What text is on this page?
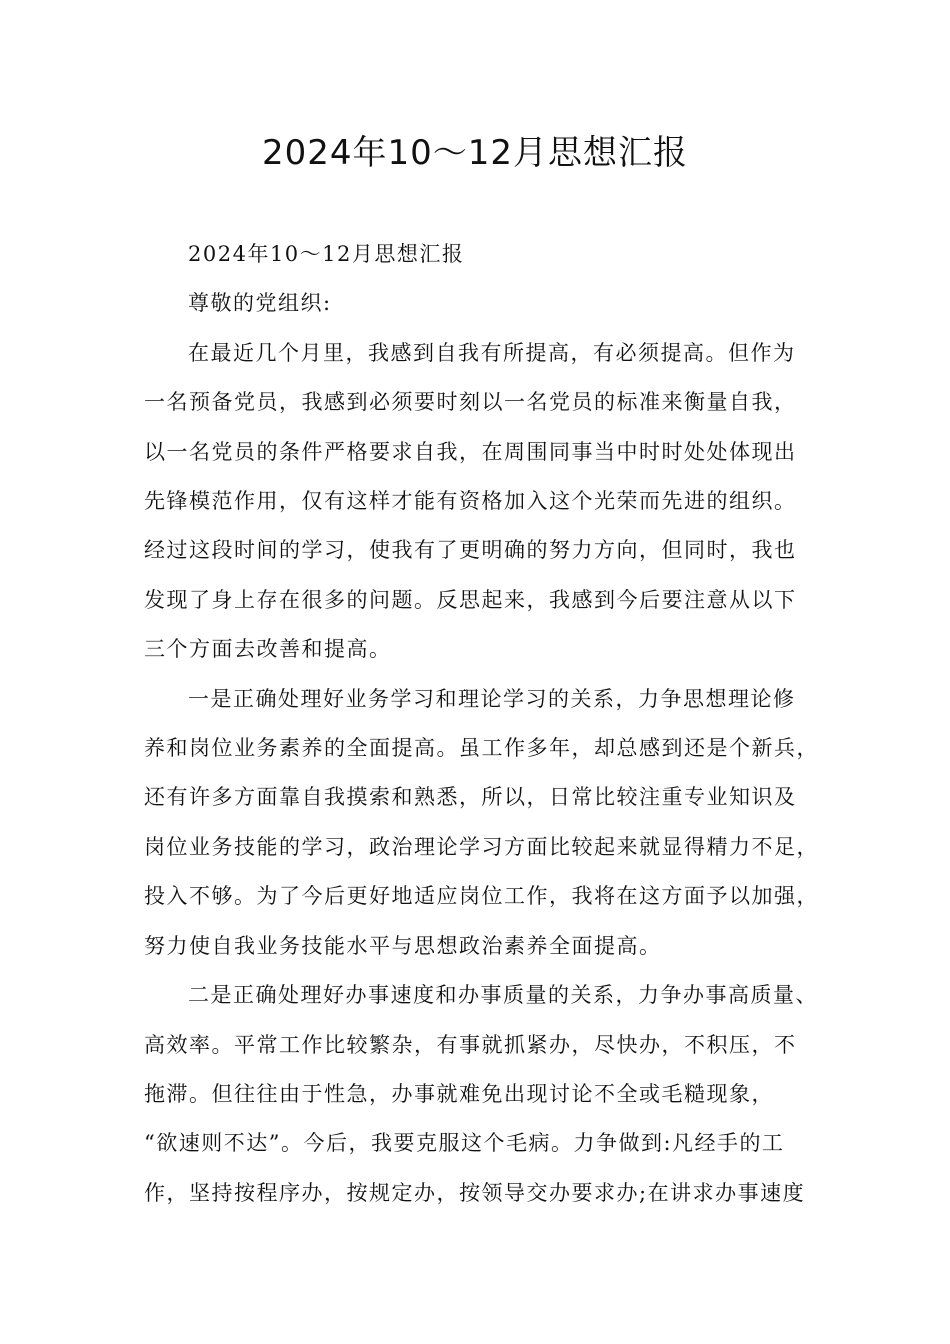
2024年10～12月思想汇报

2024年10～12月思想汇报

尊敬的党组织:

在最近几个月里，我感到自我有所提高，有必须提高。但作为
一名预备党员，我感到必须要时刻以一名党员的标准来衡量自我，
以一名党员的条件严格要求自我，在周围同事当中时时处处体现出
先锋模范作用，仅有这样才能有资格加入这个光荣而先进的组织。
经过这段时间的学习，使我有了更明确的努力方向，但同时，我也
发现了身上存在很多的问题。反思起来，我感到今后要注意从以下
三个方面去改善和提高。

一是正确处理好业务学习和理论学习的关系，力争思想理论修
养和岗位业务素养的全面提高。虽工作多年，却总感到还是个新兵，
还有许多方面靠自我摸索和熟悉，所以，日常比较注重专业知识及
岗位业务技能的学习，政治理论学习方面比较起来就显得精力不足，
投入不够。为了今后更好地适应岗位工作，我将在这方面予以加强，
努力使自我业务技能水平与思想政治素养全面提高。

二是正确处理好办事速度和办事质量的关系，力争办事高质量、
高效率。平常工作比较繁杂，有事就抓紧办，尽快办，不积压，不
拖滞。但往往由于性急，办事就难免出现讨论不全或毛糙现象，
“欲速则不达”。今后，我要克服这个毛病。力争做到:凡经手的工
作，坚持按程序办，按规定办，按领导交办要求办;在讲求办事速度
